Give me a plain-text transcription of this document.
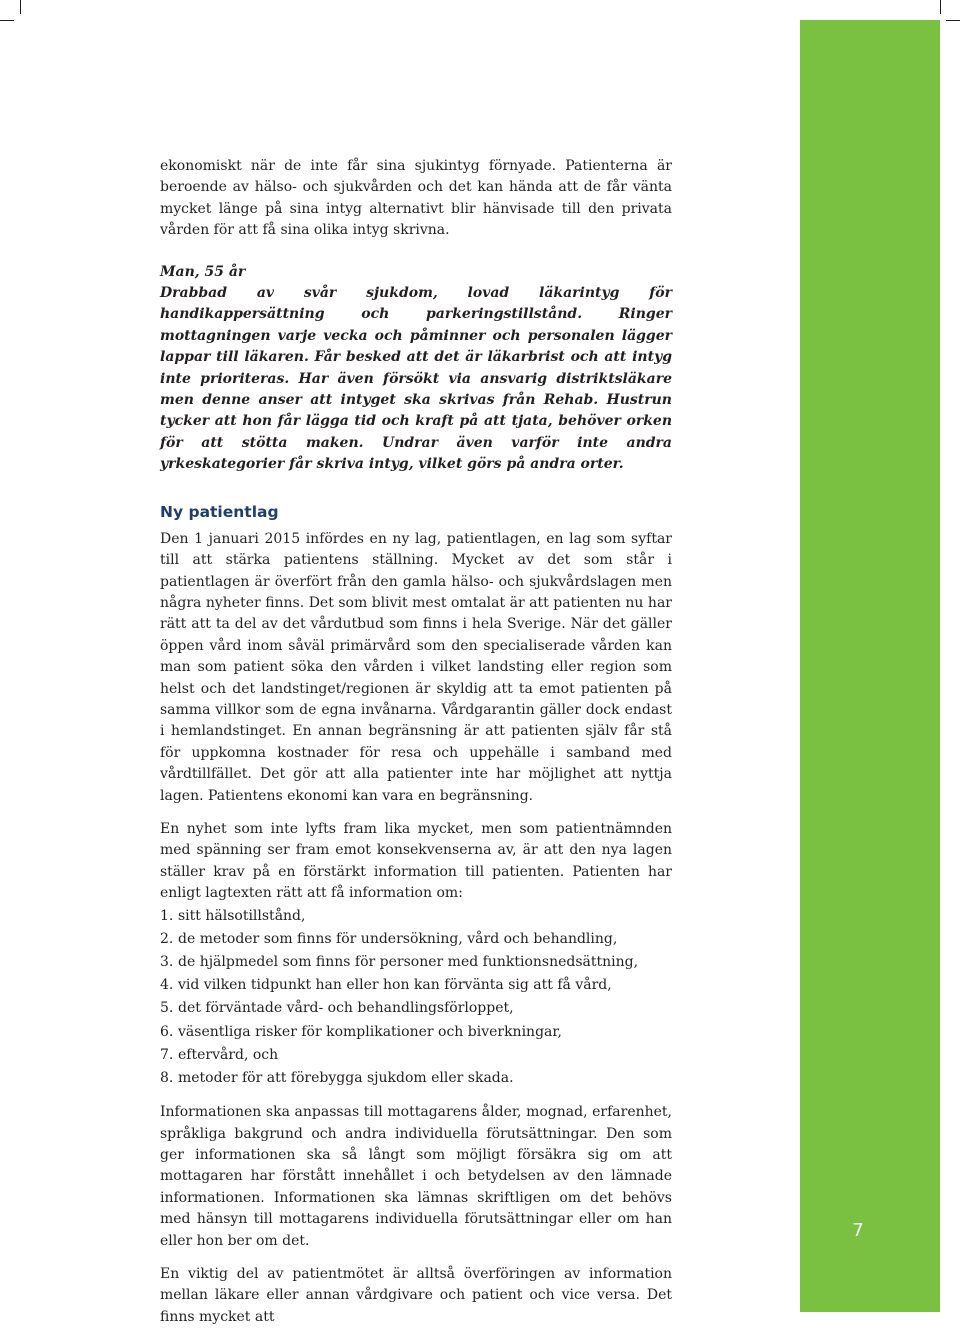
7

ekonomiskt när de inte får sina sjukintyg förnyade. Patienterna är beroende av hälso- och sjukvården och det kan hända att de får vänta mycket länge på sina intyg alternativt blir hänvisade till den privata vården för att få sina olika intyg skrivna.

Man, 55 år

Drabbad av svår sjukdom, lovad läkarintyg för handikappersättning och parkeringstillstånd. Ringer mottagningen varje vecka och påminner och personalen lägger lappar till läkaren. Får besked att det är läkarbrist och att intyg inte prioriteras. Har även försökt via ansvarig distriktsläkare men denne anser att intyget ska skrivas från Rehab. Hustrun tycker att hon får lägga tid och kraft på att tjata, behöver orken för att stötta maken. Undrar även varför inte andra yrkeskategorier får skriva intyg, vilket görs på andra orter.

Ny patientlag

Den 1 januari 2015 infördes en ny lag, patientlagen, en lag som syftar till att stärka patientens ställning. Mycket av det som står i patientlagen är överfört från den gamla hälso- och sjukvårdslagen men några nyheter finns. Det som blivit mest omtalat är att patienten nu har rätt att ta del av det vårdutbud som finns i hela Sverige. När det gäller öppen vård inom såväl primärvård som den specialiserade vården kan man som patient söka den vården i vilket landsting eller region som helst och det landstinget/regionen är skyldig att ta emot patienten på samma villkor som de egna invånarna. Vårdgarantin gäller dock endast i hemlandstinget. En annan begränsning är att patienten själv får stå för uppkomna kostnader för resa och uppehälle i samband med vårdtillfället. Det gör att alla patienter inte har möjlighet att nyttja lagen. Patientens ekonomi kan vara en begränsning.

En nyhet som inte lyfts fram lika mycket, men som patientnämnden med spänning ser fram emot konsekvenserna av, är att den nya lagen ställer krav på en förstärkt information till patienten. Patienten har enligt lagtexten rätt att få information om:

1. sitt hälsotillstånd,
2. de metoder som finns för undersökning, vård och behandling,
3. de hjälpmedel som finns för personer med funktionsnedsättning,
4. vid vilken tidpunkt han eller hon kan förvänta sig att få vård,
5. det förväntade vård- och behandlingsförloppet,
6. väsentliga risker för komplikationer och biverkningar,
7. eftervård, och
8. metoder för att förebygga sjukdom eller skada.

Informationen ska anpassas till mottagarens ålder, mognad, erfarenhet, språkliga bakgrund och andra individuella förutsättningar. Den som ger informationen ska så långt som möjligt försäkra sig om att mottagaren har förstått innehållet i och betydelsen av den lämnade informationen. Informationen ska lämnas skriftligen om det behövs med hänsyn till mottagarens individuella förutsättningar eller om han eller hon ber om det.

En viktig del av patientmötet är alltså överföringen av information mellan läkare eller annan vårdgivare och patient och vice versa. Det finns mycket att
